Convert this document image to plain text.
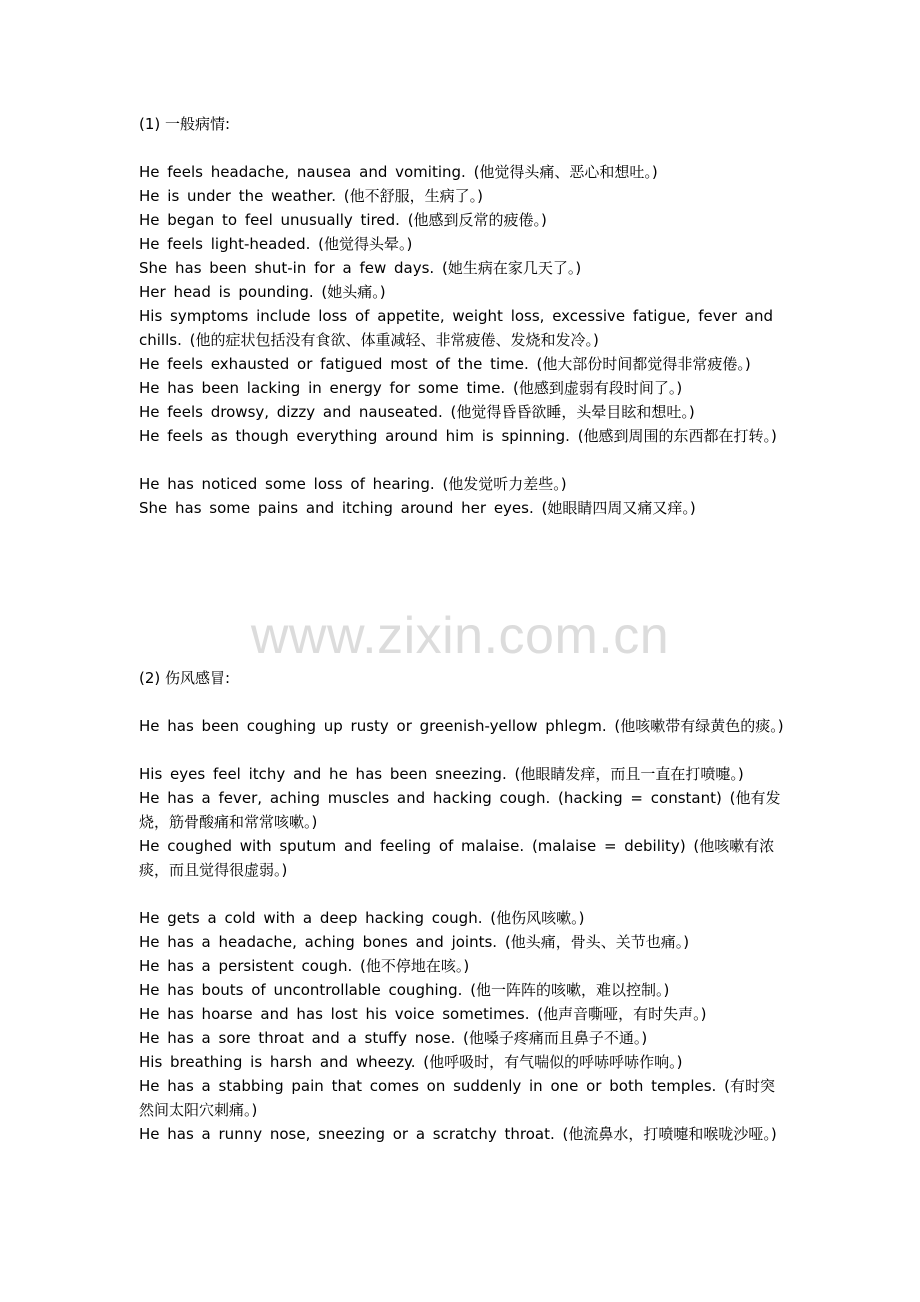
(1) 一般病情:
He feels headache, nausea and vomiting. (他觉得头痛、恶心和想吐。)
He is under the weather. (他不舒服，生病了。)
He began to feel unusually tired. (他感到反常的疲倦。)
He feels light-headed. (他觉得头晕。)
She has been shut-in for a few days. (她生病在家几天了。)
Her head is pounding. (她头痛。)
His symptoms include loss of appetite, weight loss, excessive fatigue, fever and chills. (他的症状包括没有食欲、体重减轻、非常疲倦、发烧和发冷。)
He feels exhausted or fatigued most of the time. (他大部份时间都觉得非常疲倦。)
He has been lacking in energy for some time. (他感到虚弱有段时间了。)
He feels drowsy, dizzy and nauseated. (他觉得昏昏欲睡，头晕目眩和想吐。)
He feels as though everything around him is spinning. (他感到周围的东西都在打转。)
He has noticed some loss of hearing. (他发觉听力差些。)
She has some pains and itching around her eyes. (她眼睛四周又痛又痒。)
www.zixin.com.cn
(2) 伤风感冒:
He has been coughing up rusty or greenish-yellow phlegm. (他咳嗽带有绿黄色的痰。)
His eyes feel itchy and he has been sneezing. (他眼睛发痒，而且一直在打喷嚏。)
He has a fever, aching muscles and hacking cough. (hacking = constant) (他有发烧，筋骨酸痛和常常咳嗽。)
He coughed with sputum and feeling of malaise. (malaise = debility) (他咳嗽有浓痰，而且觉得很虚弱。)
He gets a cold with a deep hacking cough. (他伤风咳嗽。)
He has a headache, aching bones and joints. (他头痛，骨头、关节也痛。)
He has a persistent cough. (他不停地在咳。)
He has bouts of uncontrollable coughing. (他一阵阵的咳嗽，难以控制。)
He has hoarse and has lost his voice sometimes. (他声音嘶哑，有时失声。)
He has a sore throat and a stuffy nose. (他嗓子疼痛而且鼻子不通。)
His breathing is harsh and wheezy. (他呼吸时，有气喘似的呼哧呼哧作响。)
He has a stabbing pain that comes on suddenly in one or both temples. (有时突然间太阳穴刺痛。)
He has a runny nose, sneezing or a scratchy throat. (他流鼻水，打喷嚏和喉咙沙哑。)
